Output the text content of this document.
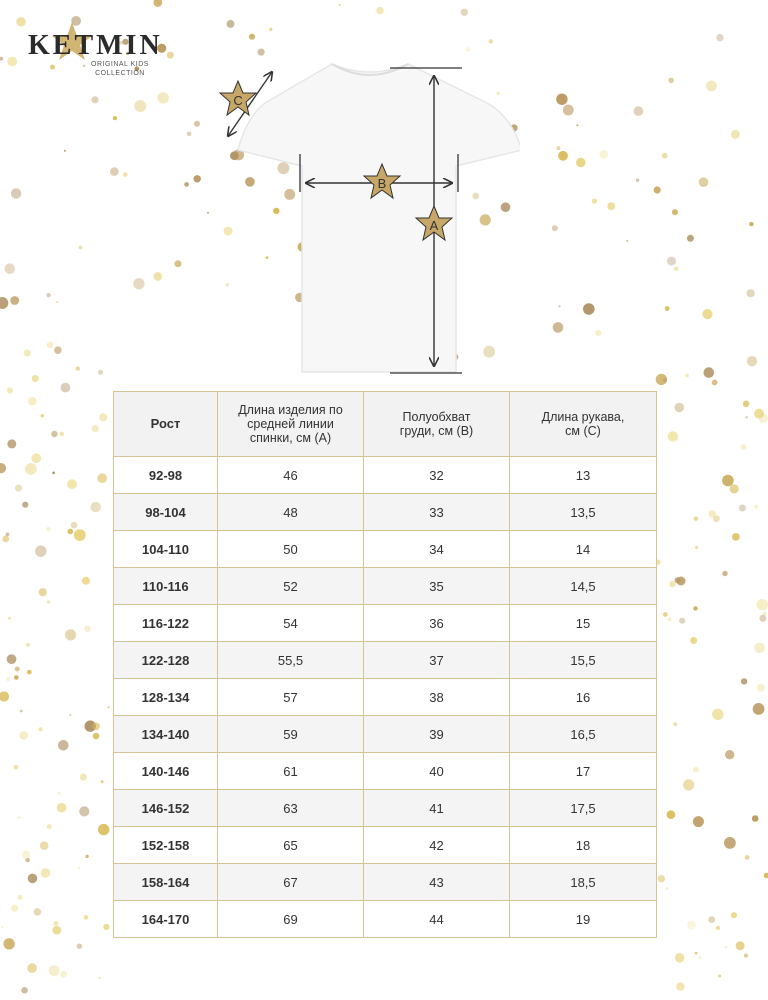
KETMIN
ORIGINAL KIDS
COLLECTION
A
B
C
Рост	Длина изделия по средней линии спинки, см (А)	Полуобхват груди, см (В)	Длина рукава, см (С)
92-98	46	32	13
98-104	48	33	13,5
104-110	50	34	14
110-116	52	35	14,5
116-122	54	36	15
122-128	55,5	37	15,5
128-134	57	38	16
134-140	59	39	16,5
140-146	61	40	17
146-152	63	41	17,5
152-158	65	42	18
158-164	67	43	18,5
164-170	69	44	19
